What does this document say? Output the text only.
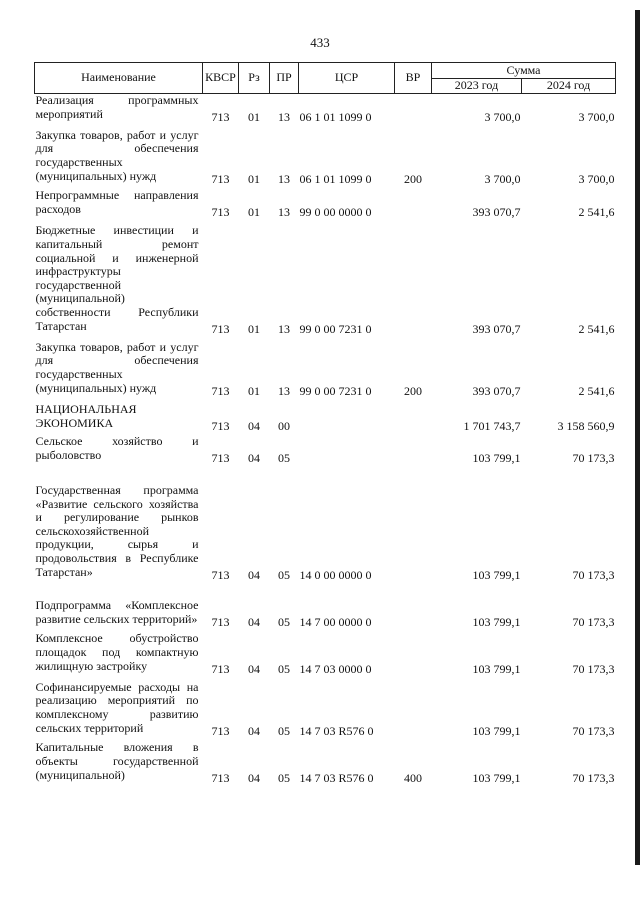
433
Наименование	КВСР	Рз	ПР	ЦСР	ВР	Сумма	
						2023 год	2024 год
Реализация программных мероприятий	713	01	13	06 1 01 1099 0		3 700,0	3 700,0
Закупка товаров, работ и услуг для обеспечения государственных (муниципальных) нужд	713	01	13	06 1 01 1099 0	200	3 700,0	3 700,0
Непрограммные направления расходов	713	01	13	99 0 00 0000 0		393 070,7	2 541,6
Бюджетные инвестиции и капитальный ремонт социальной и инженерной инфраструктуры государственной (муниципальной) собственности Республики Татарстан	713	01	13	99 0 00 7231 0		393 070,7	2 541,6
Закупка товаров, работ и услуг для обеспечения государственных (муниципальных) нужд	713	01	13	99 0 00 7231 0	200	393 070,7	2 541,6
НАЦИОНАЛЬНАЯ ЭКОНОМИКА	713	04	00			1 701 743,7	3 158 560,9
Сельское хозяйство и рыболовство	713	04	05			103 799,1	70 173,3
Государственная программа «Развитие сельского хозяйства и регулирование рынков сельскохозяйственной продукции, сырья и продовольствия в Республике Татарстан»	713	04	05	14 0 00 0000 0		103 799,1	70 173,3
Подпрограмма «Комплексное развитие сельских территорий»	713	04	05	14 7 00 0000 0		103 799,1	70 173,3
Комплексное обустройство площадок под компактную жилищную застройку	713	04	05	14 7 03 0000 0		103 799,1	70 173,3
Софинансируемые расходы на реализацию мероприятий по комплексному развитию сельских территорий	713	04	05	14 7 03 R576 0		103 799,1	70 173,3
Капитальные вложения в объекты государственной (муниципальной)	713	04	05	14 7 03 R576 0	400	103 799,1	70 173,3
